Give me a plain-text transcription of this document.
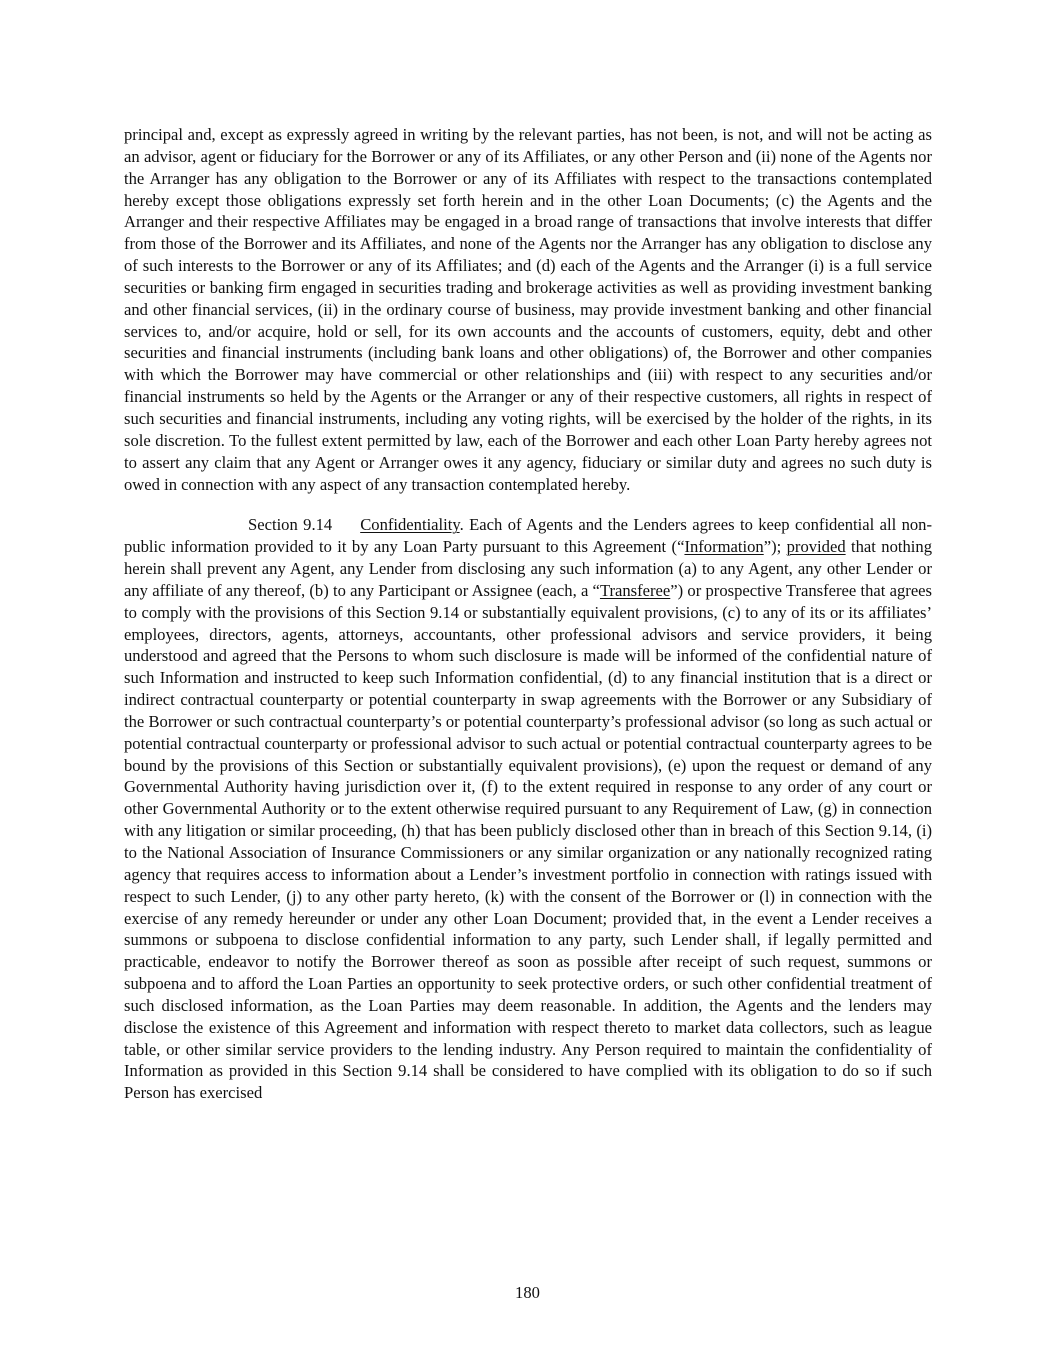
principal and, except as expressly agreed in writing by the relevant parties, has not been, is not, and will not be acting as an advisor, agent or fiduciary for the Borrower or any of its Affiliates, or any other Person and (ii) none of the Agents nor the Arranger has any obligation to the Borrower or any of its Affiliates with respect to the transactions contemplated hereby except those obligations expressly set forth herein and in the other Loan Documents; (c) the Agents and the Arranger and their respective Affiliates may be engaged in a broad range of transactions that involve interests that differ from those of the Borrower and its Affiliates, and none of the Agents nor the Arranger has any obligation to disclose any of such interests to the Borrower or any of its Affiliates; and (d) each of the Agents and the Arranger (i) is a full service securities or banking firm engaged in securities trading and brokerage activities as well as providing investment banking and other financial services, (ii) in the ordinary course of business, may provide investment banking and other financial services to, and/or acquire, hold or sell, for its own accounts and the accounts of customers, equity, debt and other securities and financial instruments (including bank loans and other obligations) of, the Borrower and other companies with which the Borrower may have commercial or other relationships and (iii) with respect to any securities and/or financial instruments so held by the Agents or the Arranger or any of their respective customers, all rights in respect of such securities and financial instruments, including any voting rights, will be exercised by the holder of the rights, in its sole discretion. To the fullest extent permitted by law, each of the Borrower and each other Loan Party hereby agrees not to assert any claim that any Agent or Arranger owes it any agency, fiduciary or similar duty and agrees no such duty is owed in connection with any aspect of any transaction contemplated hereby.

Section 9.14 Confidentiality. Each of Agents and the Lenders agrees to keep confidential all non-public information provided to it by any Loan Party pursuant to this Agreement (“Information”); provided that nothing herein shall prevent any Agent, any Lender from disclosing any such information (a) to any Agent, any other Lender or any affiliate of any thereof, (b) to any Participant or Assignee (each, a “Transferee”) or prospective Transferee that agrees to comply with the provisions of this Section 9.14 or substantially equivalent provisions, (c) to any of its or its affiliates’ employees, directors, agents, attorneys, accountants, other professional advisors and service providers, it being understood and agreed that the Persons to whom such disclosure is made will be informed of the confidential nature of such Information and instructed to keep such Information confidential, (d) to any financial institution that is a direct or indirect contractual counterparty or potential counterparty in swap agreements with the Borrower or any Subsidiary of the Borrower or such contractual counterparty’s or potential counterparty’s professional advisor (so long as such actual or potential contractual counterparty or professional advisor to such actual or potential contractual counterparty agrees to be bound by the provisions of this Section or substantially equivalent provisions), (e) upon the request or demand of any Governmental Authority having jurisdiction over it, (f) to the extent required in response to any order of any court or other Governmental Authority or to the extent otherwise required pursuant to any Requirement of Law, (g) in connection with any litigation or similar proceeding, (h) that has been publicly disclosed other than in breach of this Section 9.14, (i) to the National Association of Insurance Commissioners or any similar organization or any nationally recognized rating agency that requires access to information about a Lender’s investment portfolio in connection with ratings issued with respect to such Lender, (j) to any other party hereto, (k) with the consent of the Borrower or (l) in connection with the exercise of any remedy hereunder or under any other Loan Document; provided that, in the event a Lender receives a summons or subpoena to disclose confidential information to any party, such Lender shall, if legally permitted and practicable, endeavor to notify the Borrower thereof as soon as possible after receipt of such request, summons or subpoena and to afford the Loan Parties an opportunity to seek protective orders, or such other confidential treatment of such disclosed information, as the Loan Parties may deem reasonable. In addition, the Agents and the lenders may disclose the existence of this Agreement and information with respect thereto to market data collectors, such as league table, or other similar service providers to the lending industry. Any Person required to maintain the confidentiality of Information as provided in this Section 9.14 shall be considered to have complied with its obligation to do so if such Person has exercised

180
